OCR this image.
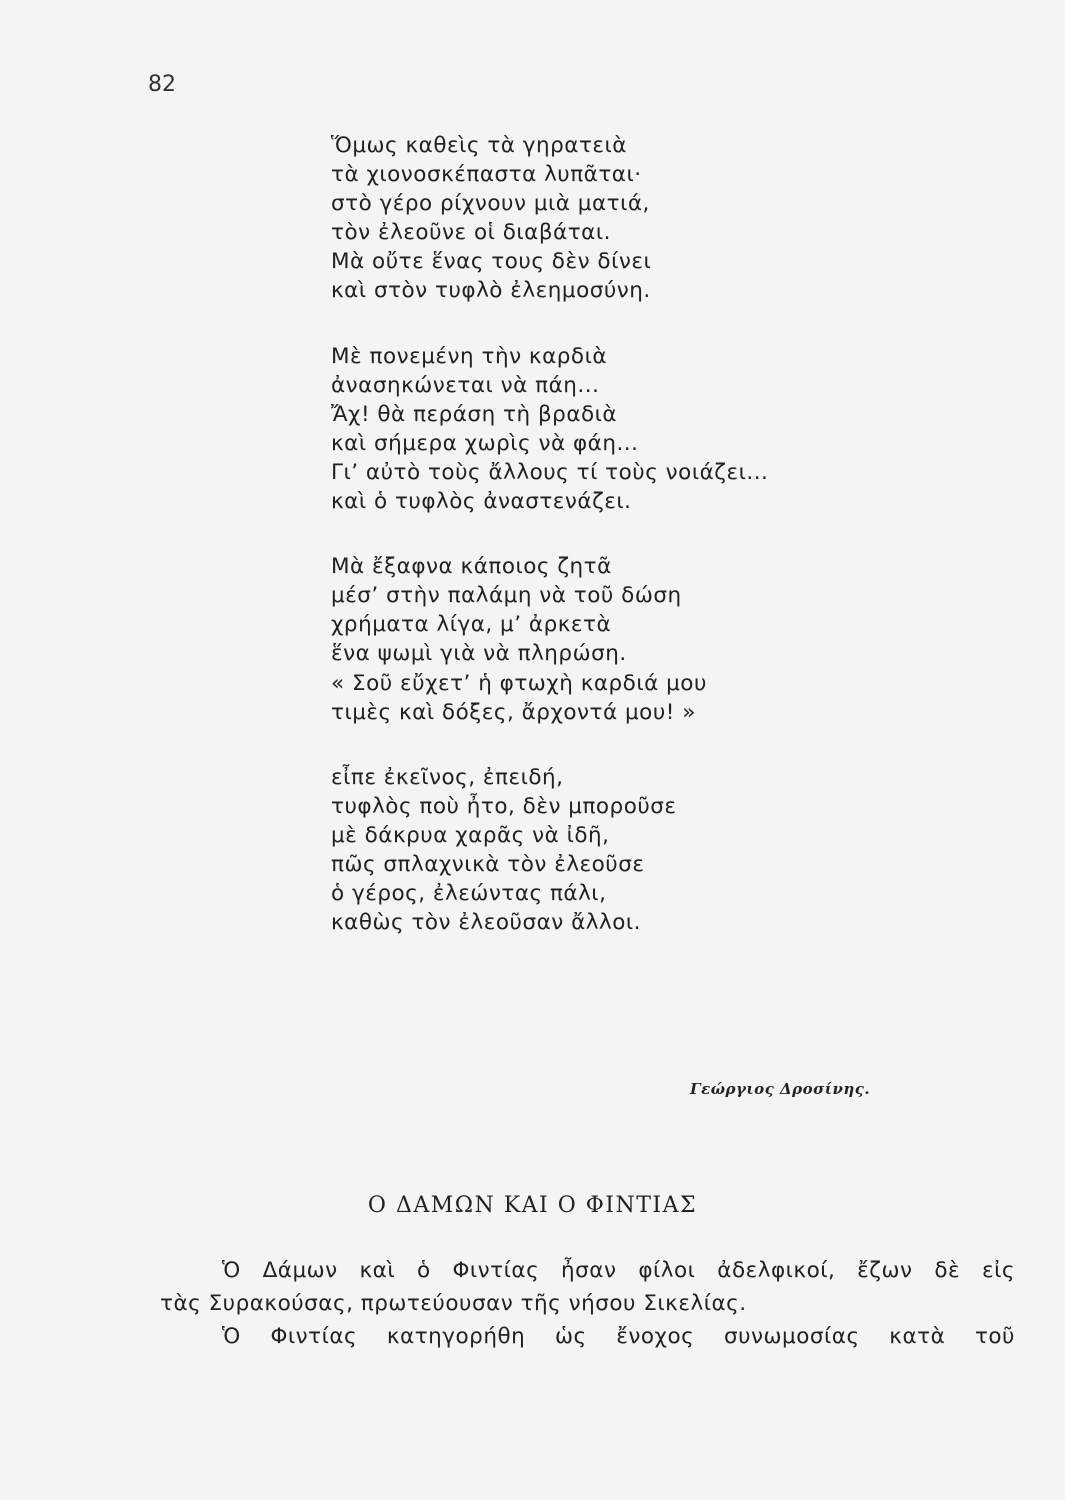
82
Ὅμως καθεὶς τὰ γηρατειὰ
τὰ χιονοσκέπαστα λυπᾶται·
στὸ γέρο ρίχνουν μιὰ ματιά,
τὸν ἐλεοῦνε οἱ διαβάται.
Μὰ οὔτε ἕνας τους δὲν δίνει
καὶ στὸν τυφλὸ ἐλεημοσύνη.
Μὲ πονεμένη τὴν καρδιὰ
ἀνασηκώνεται νὰ πάη...
Ἄχ! θὰ περάση τὴ βραδιὰ
καὶ σήμερα χωρὶς νὰ φάη...
Γι’ αὐτὸ τοὺς ἄλλους τί τοὺς νοιάζει...
καὶ ὁ τυφλὸς ἀναστενάζει.
Μὰ ἔξαφνα κάποιος ζητᾶ
μέσ’ στὴν παλάμη νὰ τοῦ δώση
χρήματα λίγα, μ’ ἀρκετὰ
ἕνα ψωμὶ γιὰ νὰ πληρώση.
« Σοῦ εὔχετ’ ἡ φτωχὴ καρδιά μου
τιμὲς καὶ δόξες, ἄρχοντά μου! »
εἶπε ἐκεῖνος, ἐπειδή,
τυφλὸς ποὺ ἦτο, δὲν μποροῦσε
μὲ δάκρυα χαρᾶς νὰ ἰδῆ,
πῶς σπλαχνικὰ τὸν ἐλεοῦσε
ὁ γέρος, ἐλεώντας πάλι,
καθὼς τὸν ἐλεοῦσαν ἄλλοι.
Γεώργιος Δροσίνης.
Ο ΔΑΜΩΝ ΚΑΙ Ο ΦΙΝΤΙΑΣ
Ὁ Δάμων καὶ ὁ Φιντίας ἦσαν φίλοι ἀδελφικοί, ἔζων δὲ εἰς
τὰς Συρακούσας, πρωτεύουσαν τῆς νήσου Σικελίας.
Ὁ Φιντίας κατηγορήθη ὡς ἔνοχος συνωμοσίας κατὰ τοῦ
